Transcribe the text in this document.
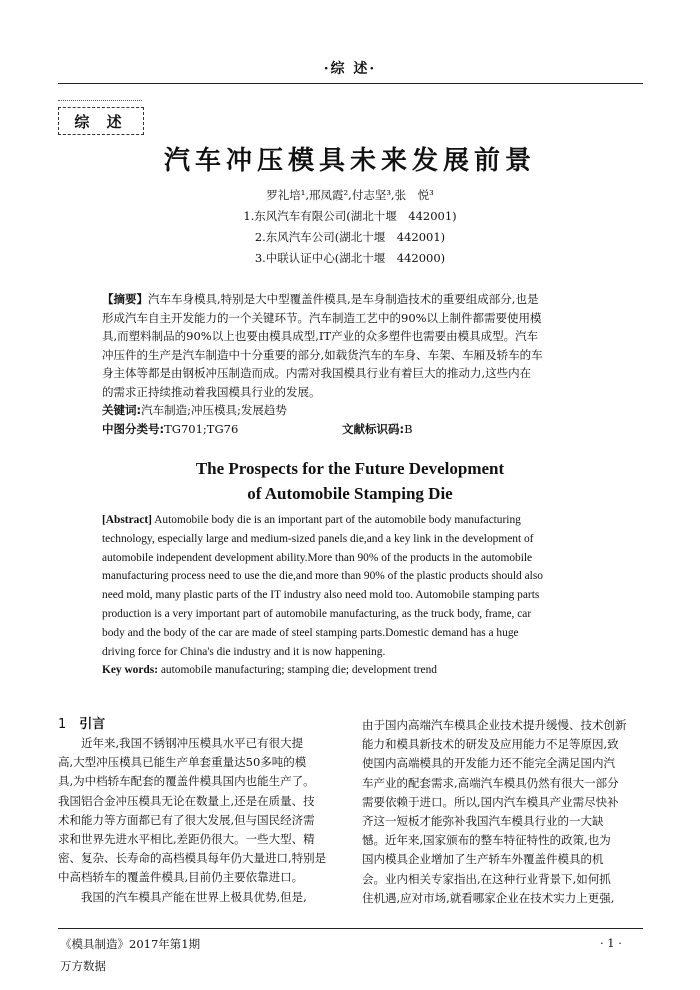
·综 述·
综 述
汽车冲压模具未来发展前景
罗礼培¹,邢凤霞²,付志坚³,张　悦³
1.东风汽车有限公司(湖北十堰　442001)
2.东风汽车公司(湖北十堰　442001)
3.中联认证中心(湖北十堰　442000)
【摘要】汽车车身模具,特别是大中型覆盖件模具,是车身制造技术的重要组成部分,也是
形成汽车自主开发能力的一个关键环节。汽车制造工艺中的90%以上制件都需要使用模
具,而塑料制品的90%以上也要由模具成型,IT产业的众多塑件也需要由模具成型。汽车
冲压件的生产是汽车制造中十分重要的部分,如载货汽车的车身、车架、车厢及轿车的车
身主体等都是由钢板冲压制造而成。内需对我国模具行业有着巨大的推动力,这些内在
的需求正持续推动着我国模具行业的发展。
关键词:汽车制造;冲压模具;发展趋势
中图分类号:TG701;TG76	文献标识码:B
The Prospects for the Future Development
of Automobile Stamping Die
[Abstract] Automobile body die is an important part of the automobile body manufacturing
technology, especially large and medium-sized panels die,and a key link in the development of
automobile independent development ability.More than 90% of the products in the automobile
manufacturing process need to use the die,and more than 90% of the plastic products should also
need mold, many plastic parts of the IT industry also need mold too. Automobile stamping parts
production is a very important part of automobile manufacturing, as the truck body, frame, car
body and the body of the car are made of steel stamping parts.Domestic demand has a huge
driving force for China's die industry and it is now happening.
Key words: automobile manufacturing; stamping die; development trend
1　 引言
　　近年来,我国不锈钢冲压模具水平已有很大提
高,大型冲压模具已能生产单套重量达50多吨的模
具,为中档轿车配套的覆盖件模具国内也能生产了。
我国铝合金冲压模具无论在数量上,还是在质量、技
术和能力等方面都已有了很大发展,但与国民经济需
求和世界先进水平相比,差距仍很大。一些大型、精
密、复杂、长寿命的高档模具每年仍大量进口,特别是
中高档轿车的覆盖件模具,目前仍主要依靠进口。
　　我国的汽车模具产能在世界上极具优势,但是,
由于国内高端汽车模具企业技术提升缓慢、技术创新
能力和模具新技术的研发及应用能力不足等原因,致
使国内高端模具的开发能力还不能完全满足国内汽
车产业的配套需求,高端汽车模具仍然有很大一部分
需要依赖于进口。所以,国内汽车模具产业需尽快补
齐这一短板才能弥补我国汽车模具行业的一大缺
憾。近年来,国家颁布的整车特征特性的政策,也为
国内模具企业增加了生产轿车外覆盖件模具的机
会。业内相关专家指出,在这种行业背景下,如何抓
住机遇,应对市场,就看哪家企业在技术实力上更强,
《模具制造》2017年第1期	· 1 ·
万方数据
